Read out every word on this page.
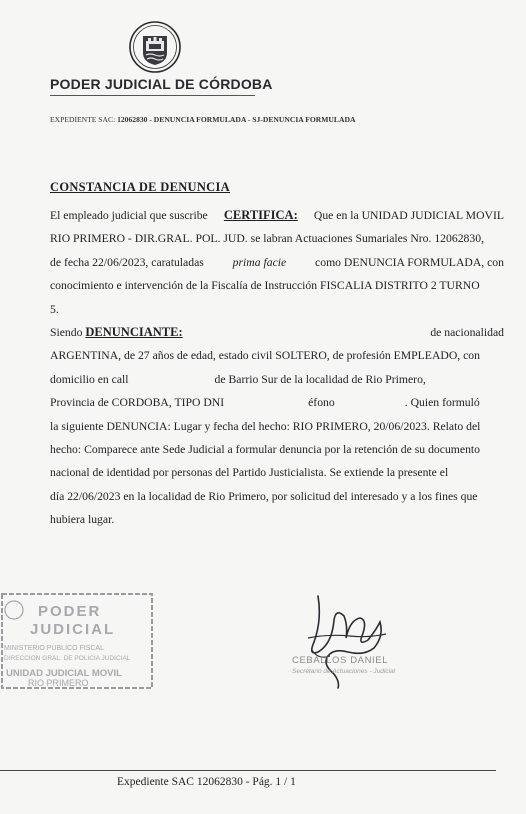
PODER JUDICIAL DE CÓRDOBA
EXPEDIENTE SAC: 12062830 - DENUNCIA FORMULADA - SJ-DENUNCIA FORMULADA
CONSTANCIA DE DENUNCIA
El empleado judicial que suscribe CERTIFICA: Que en la UNIDAD JUDICIAL MOVIL
RIO PRIMERO - DIR.GRAL. POL. JUD. se labran Actuaciones Sumariales Nro. 12062830,
de fecha 22/06/2023, caratuladas prima facie como DENUNCIA FORMULADA, con
conocimiento e intervención de la Fiscalía de Instrucción FISCALIA DISTRITO 2 TURNO
5.
Siendo DENUNCIANTE:	de nacionalidad
ARGENTINA, de 27 años de edad, estado civil SOLTERO, de profesión EMPLEADO, con
domicilio en call	de Barrio Sur de la localidad de Rio Primero,
Provincia de CORDOBA, TIPO DNI	éfono	. Quien formuló
la siguiente DENUNCIA: Lugar y fecha del hecho: RIO PRIMERO, 20/06/2023. Relato del
hecho: Comparece ante Sede Judicial a formular denuncia por la retención de su documento
nacional de identidad por personas del Partido Justicialista. Se extiende la presente el
día 22/06/2023 en la localidad de Rio Primero, por solicitud del interesado y a los fines que
hubiera lugar.
PODER
JUDICIAL
MINISTERIO PUBLICO FISCAL
DIRECCION GRAL. DE POLICIA JUDICIAL
UNIDAD JUDICIAL MOVIL
RIO PRIMERO
CEBALLOS DANIEL
Secretario de Actuaciones - Judicial
Expediente SAC 12062830 - Pág. 1 / 1
